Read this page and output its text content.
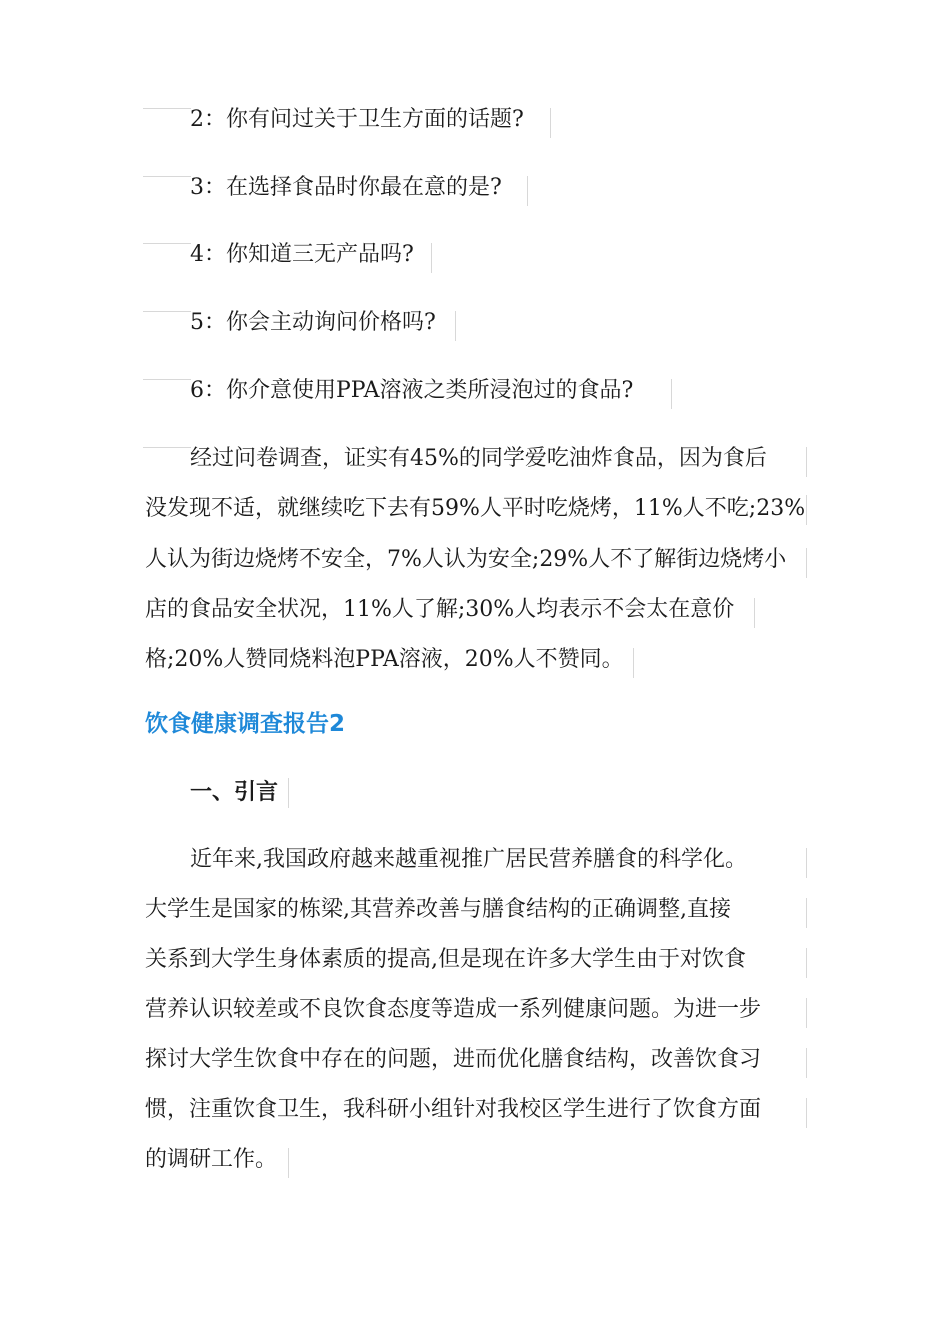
2：你有问过关于卫生方面的话题?
3：在选择食品时你最在意的是?
4：你知道三无产品吗?
5：你会主动询问价格吗?
6：你介意使用PPA溶液之类所浸泡过的食品?
经过问卷调查，证实有45%的同学爱吃油炸食品，因为食后
没发现不适，就继续吃下去有59%人平时吃烧烤，11%人不吃;23%
人认为街边烧烤不安全，7%人认为安全;29%人不了解街边烧烤小
店的食品安全状况，11%人了解;30%人均表示不会太在意价
格;20%人赞同烧料泡PPA溶液，20%人不赞同。
饮食健康调查报告2
一、引言
近年来,我国政府越来越重视推广居民营养膳食的科学化。
大学生是国家的栋梁,其营养改善与膳食结构的正确调整,直接
关系到大学生身体素质的提高,但是现在许多大学生由于对饮食
营养认识较差或不良饮食态度等造成一系列健康问题。为进一步
探讨大学生饮食中存在的问题，进而优化膳食结构，改善饮食习
惯，注重饮食卫生，我科研小组针对我校区学生进行了饮食方面
的调研工作。
